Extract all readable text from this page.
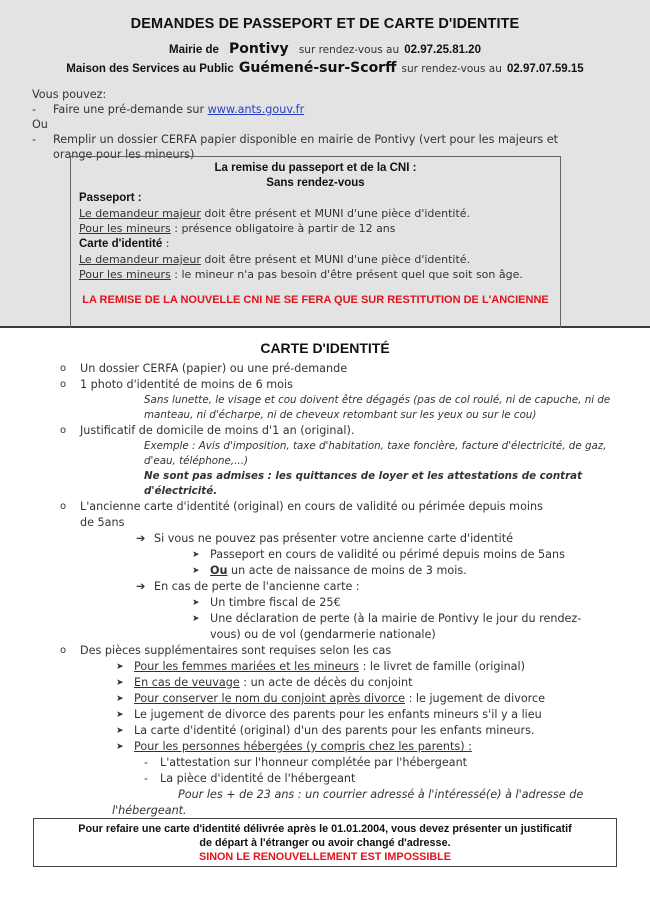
DEMANDES DE PASSEPORT ET DE CARTE D'IDENTITE
Mairie de Pontivy sur rendez-vous au 02.97.25.81.20
Maison des Services au Public Guémené-sur-Scorff sur rendez-vous au 02.97.07.59.15
Vous pouvez:
-	Faire une pré-demande sur www.ants.gouv.fr
Ou
-	Remplir un dossier CERFA papier disponible en mairie de Pontivy (vert pour les majeurs et
orange pour les mineurs)
La remise du passeport et de la CNI :
Sans rendez-vous
Passeport :
Le demandeur majeur doit être présent et MUNI d'une pièce d'identité.
Pour les mineurs : présence obligatoire à partir de 12 ans
Carte d'identité :
Le demandeur majeur doit être présent et MUNI d'une pièce d'identité.
Pour les mineurs : le mineur n'a pas besoin d'être présent quel que soit son âge.
LA REMISE DE LA NOUVELLE CNI NE SE FERA QUE SUR RESTITUTION DE L'ANCIENNE
CARTE D'IDENTITÉ
o Un dossier CERFA (papier) ou une pré-demande
o 1 photo d'identité de moins de 6 mois
Sans lunette, le visage et cou doivent être dégagés (pas de col roulé, ni de capuche, ni de
manteau, ni d'écharpe, ni de cheveux retombant sur les yeux ou sur le cou)
o Justificatif de domicile de moins d'1 an (original).
Exemple : Avis d'imposition, taxe d'habitation, taxe foncière, facture d'électricité, de gaz,
d'eau, téléphone,...)
Ne sont pas admises : les quittances de loyer et les attestations de contrat d'électricité.
o L'ancienne carte d'identité (original) en cours de validité ou périmée depuis moins
de 5ans
➔ Si vous ne pouvez pas présenter votre ancienne carte d'identité
➤ Passeport en cours de validité ou périmé depuis moins de 5ans
➤ Ou un acte de naissance de moins de 3 mois.
➔ En cas de perte de l'ancienne carte :
➤ Un timbre fiscal de 25€
➤ Une déclaration de perte (à la mairie de Pontivy le jour du rendez-
vous) ou de vol (gendarmerie nationale)
o Des pièces supplémentaires sont requises selon les cas
➤ Pour les femmes mariées et les mineurs : le livret de famille (original)
➤ En cas de veuvage : un acte de décès du conjoint
➤ Pour conserver le nom du conjoint après divorce : le jugement de divorce
➤ Le jugement de divorce des parents pour les enfants mineurs s'il y a lieu
➤ La carte d'identité (original) d'un des parents pour les enfants mineurs.
➤ Pour les personnes hébergées (y compris chez les parents) :
- L'attestation sur l'honneur complétée par l'hébergeant
- La pièce d'identité de l'hébergeant
Pour les + de 23 ans : un courrier adressé à l'intéressé(e) à l'adresse de
l'hébergeant.
Pour refaire une carte d'identité délivrée après le 01.01.2004, vous devez présenter un justificatif
de départ à l'étranger ou avoir changé d'adresse.
SINON LE RENOUVELLEMENT EST IMPOSSIBLE
